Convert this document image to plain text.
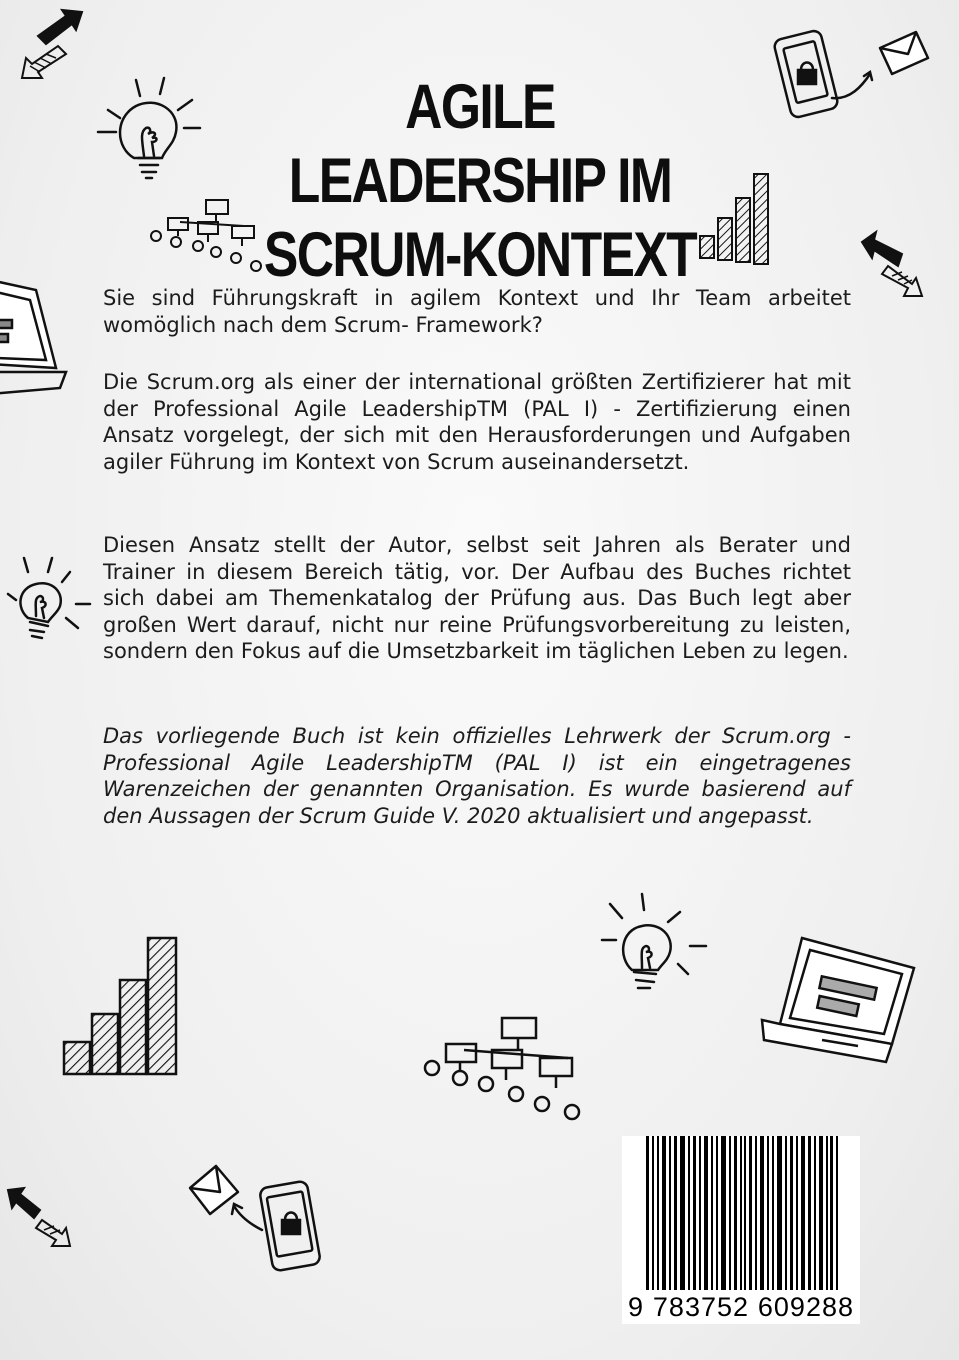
AGILE LEADERSHIP IM
SCRUM-KONTEXT

Sie sind Führungskraft in agilem Kontext und Ihr Team arbeitet womöglich nach dem Scrum- Framework?

Die Scrum.org als einer der international größten Zertifizierer hat mit der Professional Agile LeadershipTM (PAL I) - Zertifizierung einen Ansatz vorgelegt, der sich mit den Herausforderungen und Aufgaben agiler Führung im Kontext von Scrum auseinandersetzt.

Diesen Ansatz stellt der Autor, selbst seit Jahren als Berater und Trainer in diesem Bereich tätig, vor. Der Aufbau des Buches richtet sich dabei am Themenkatalog der Prüfung aus. Das Buch legt aber großen Wert darauf, nicht nur reine Prüfungsvorbereitung zu leisten, sondern den Fokus auf die Umsetzbarkeit im täglichen Leben zu legen.

Das vorliegende Buch ist kein offizielles Lehrwerk der Scrum.org - Professional Agile LeadershipTM (PAL I) ist ein eingetragenes Warenzeichen der genannten Organisation. Es wurde basierend auf den Aussagen der Scrum Guide V. 2020 aktualisiert und angepasst.

9 783752 609288
